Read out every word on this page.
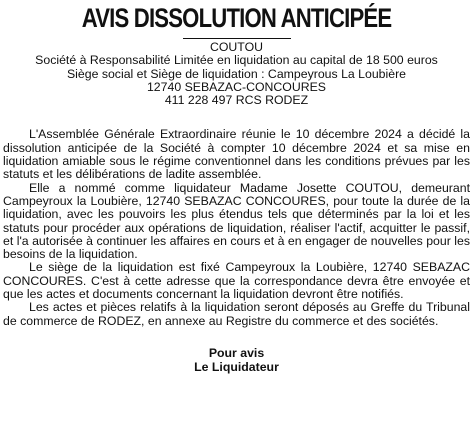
AVIS DISSOLUTION ANTICIPÉE
COUTOU
Société à Responsabilité Limitée en liquidation au capital de 18 500 euros
Siège social et Siège de liquidation : Campeyrous La Loubière
12740 SEBAZAC-CONCOURES
411 228 497 RCS RODEZ

L'Assemblée Générale Extraordinaire réunie le 10 décembre 2024 a décidé la dissolution anticipée de la Société à compter 10 décembre 2024 et sa mise en liquidation amiable sous le régime conventionnel dans les conditions prévues par les statuts et les délibérations de ladite assemblée.

Elle a nommé comme liquidateur Madame Josette COUTOU, demeurant Campeyroux la Loubière, 12740 SEBAZAC CONCOURES, pour toute la durée de la liquidation, avec les pouvoirs les plus étendus tels que déterminés par la loi et les statuts pour procéder aux opérations de liquidation, réaliser l'actif, acquitter le passif, et l'a autorisée à continuer les affaires en cours et à en engager de nouvelles pour les besoins de la liquidation.

Le siège de la liquidation est fixé Campeyroux la Loubière, 12740 SEBAZAC CONCOURES. C'est à cette adresse que la correspondance devra être envoyée et que les actes et documents concernant la liquidation devront être notifiés.

Les actes et pièces relatifs à la liquidation seront déposés au Greffe du Tribunal de commerce de RODEZ, en annexe au Registre du commerce et des sociétés.

Pour avis
Le Liquidateur
